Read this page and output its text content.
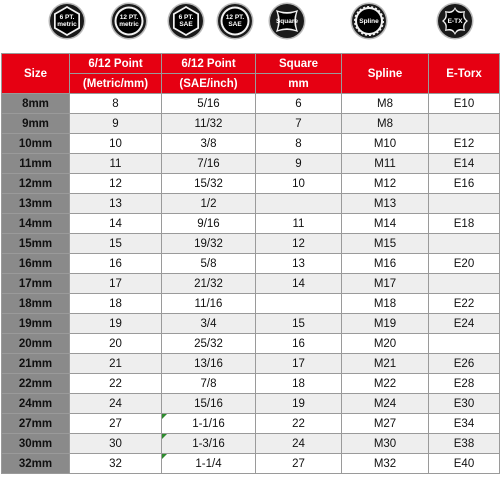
6 PT.
metric
12 PT.
metric
6 PT.
SAE
12 PT.
SAE	Square	Spline	E-TX
Size	6/12 Point	6/12 Point	Square	Spline	E-Torx
	(Metric/mm)	(SAE/inch)	mm		
8mm	8	5/16	6	M8	E10
9mm	9	11/32	7	M8	
10mm	10	3/8	8	M10	E12
11mm	11	7/16	9	M11	E14
12mm	12	15/32	10	M12	E16
13mm	13	1/2		M13	
14mm	14	9/16	11	M14	E18
15mm	15	19/32	12	M15	
16mm	16	5/8	13	M16	E20
17mm	17	21/32	14	M17	
18mm	18	11/16		M18	E22
19mm	19	3/4	15	M19	E24
20mm	20	25/32	16	M20	
21mm	21	13/16	17	M21	E26
22mm	22	7/8	18	M22	E28
24mm	24	15/16	19	M24	E30
27mm	27	1-1/16	22	M27	E34
30mm	30	1-3/16	24	M30	E38
32mm	32	1-1/4	27	M32	E40
